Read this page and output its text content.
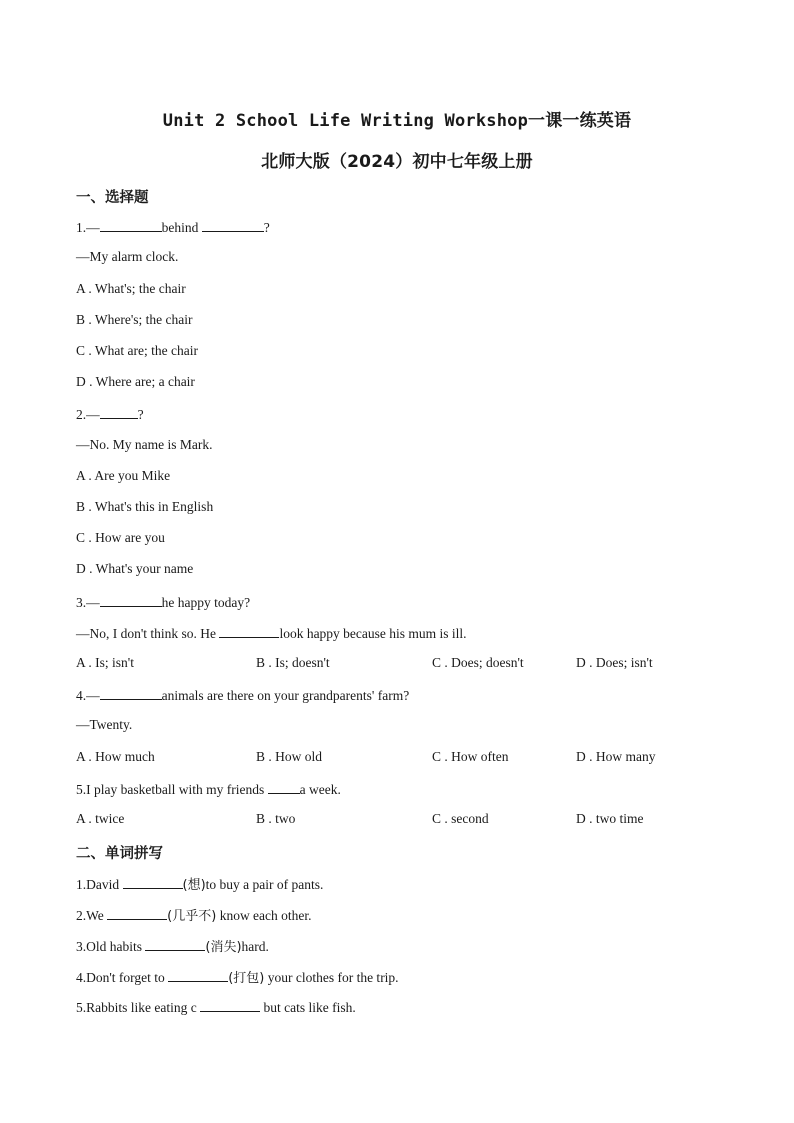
Unit 2 School Life Writing Workshop一课一练英语
北师大版（2024）初中七年级上册
一、选择题
1.—	behind	?
—My alarm clock.
A . What's; the chair
B . Where's; the chair
C . What are; the chair
D . Where are; a chair
2.—	?
—No. My name is Mark.
A . Are you Mike
B . What's this in English
C . How are you
D . What's your name
3.—	he happy today?
—No, I don't think so. He	look happy because his mum is ill.
A . Is; isn't	B . Is; doesn't	C . Does; doesn't	D . Does; isn't
4.—	animals are there on your grandparents' farm?
—Twenty.
A . How much	B . How old	C . How often	D . How many
5.I play basketball with my friends a week.
A . twice	B . two	C . second	D . two time
二、单词拼写
1.David	(想)to buy a pair of pants.
2.We	(几乎不) know each other.
3.Old habits	(消失)hard.
4.Don't forget to	(打包) your clothes for the trip.
5.Rabbits like eating c	but cats like fish.
